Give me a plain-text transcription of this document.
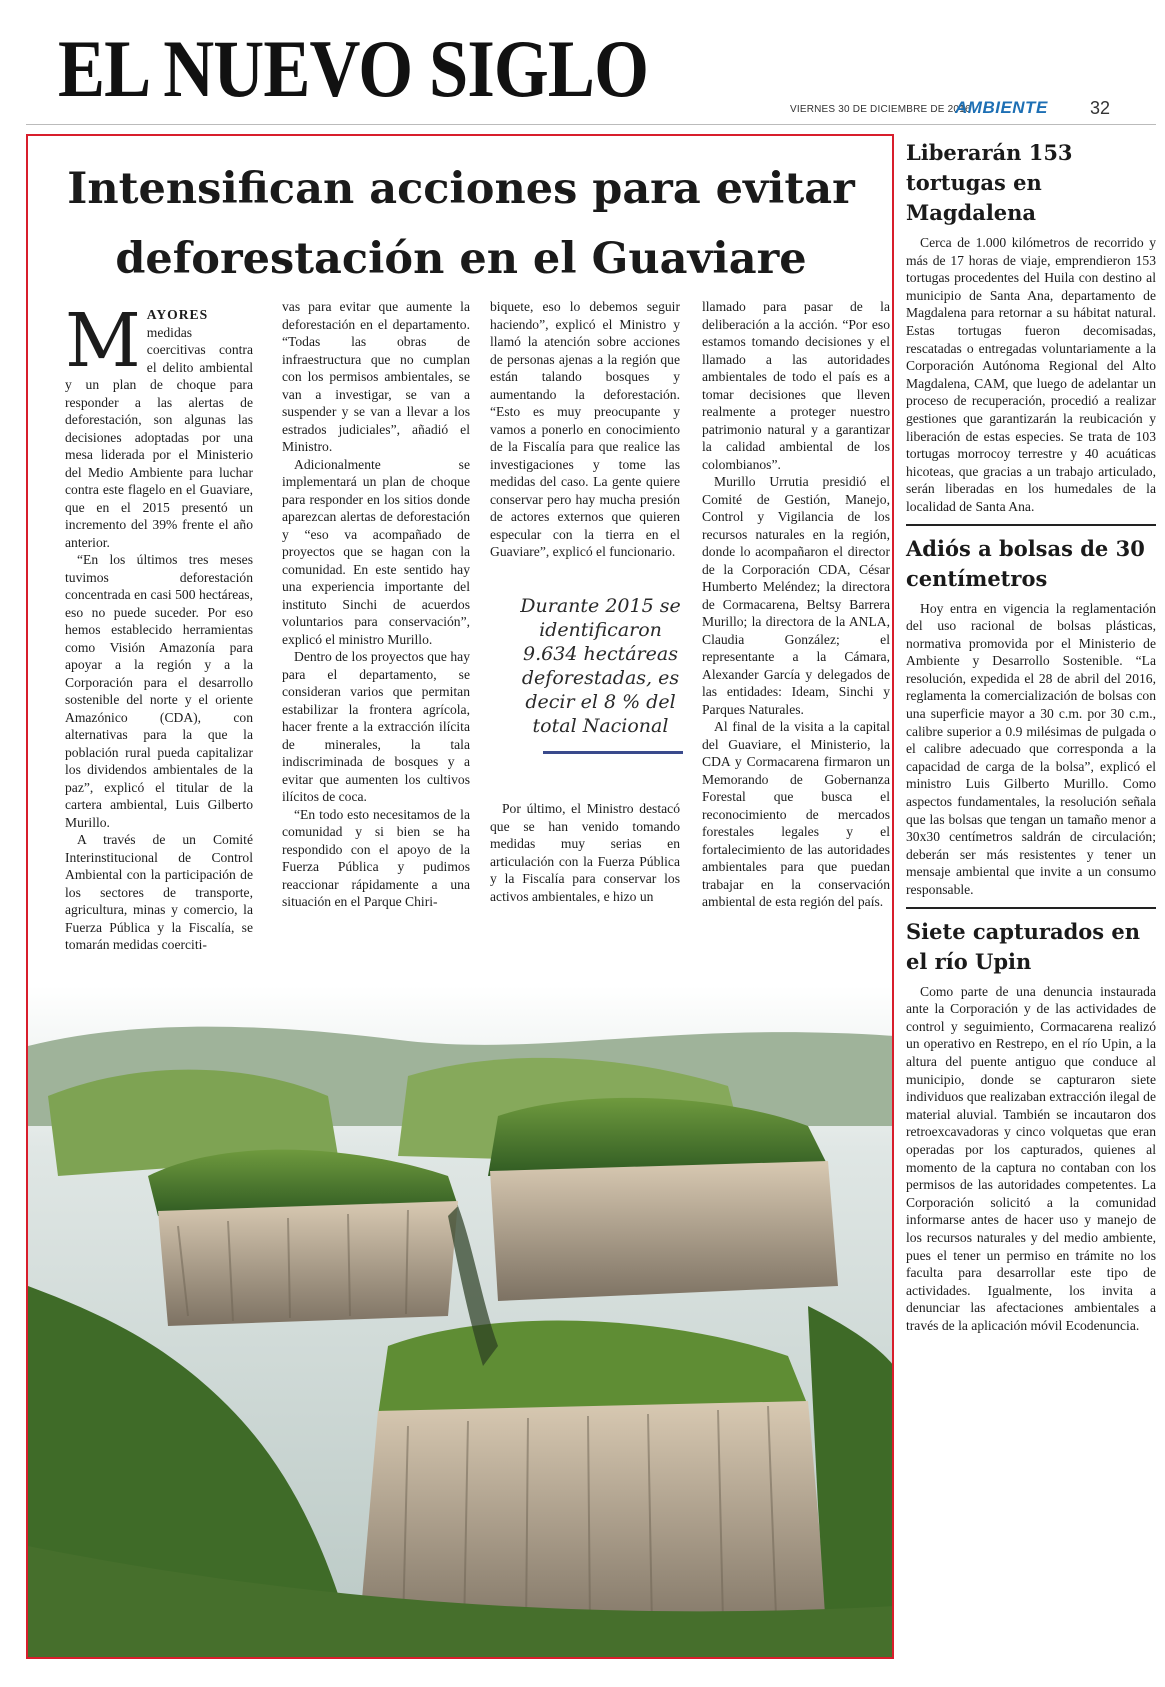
EL NUEVO SIGLO	VIERNES 30 DE DICIEMBRE DE 2016
AMBIENTE 32
Intensifican acciones para evitar deforestación en el Guaviare

MAYORES medidas coercitivas contra el delito ambiental y un plan de choque para responder a las alertas de deforestación, son algunas las decisiones adoptadas por una mesa liderada por el Ministerio del Medio Ambiente para luchar contra este flagelo en el Guaviare, que en el 2015 presentó un incremento del 39% frente el año anterior.

“En los últimos tres meses tuvimos deforestación concentrada en casi 500 hectáreas, eso no puede suceder. Por eso hemos establecido herramientas como Visión Amazonía para apoyar a la región y a la Corporación para el desarrollo sostenible del norte y el oriente Amazónico (CDA), con alternativas para la que la población rural pueda capitalizar los dividendos ambientales de la paz”, explicó el titular de la cartera ambiental, Luis Gilberto Murillo.

A través de un Comité Interinstitucional de Control Ambiental con la participación de los sectores de transporte, agricultura, minas y comercio, la Fuerza Pública y la Fiscalía, se tomarán medidas coerciti-

vas para evitar que aumente la deforestación en el departamento. “Todas las obras de infraestructura que no cumplan con los permisos ambientales, se van a investigar, se van a suspender y se van a llevar a los estrados judiciales”, añadió el Ministro.

Adicionalmente se implementará un plan de choque para responder en los sitios donde aparezcan alertas de deforestación y “eso va acompañado de proyectos que se hagan con la comunidad. En este sentido hay una experiencia importante del instituto Sinchi de acuerdos voluntarios para conservación”, explicó el ministro Murillo.

Dentro de los proyectos que hay para el departamento, se consideran varios que permitan estabilizar la frontera agrícola, hacer frente a la extracción ilícita de minerales, la tala indiscriminada de bosques y a evitar que aumenten los cultivos ilícitos de coca.

“En todo esto necesitamos de la comunidad y si bien se ha respondido con el apoyo de la Fuerza Pública y pudimos reaccionar rápidamente a una situación en el Parque Chiri-

biquete, eso lo debemos seguir haciendo”, explicó el Ministro y llamó la atención sobre acciones de personas ajenas a la región que están talando bosques y aumentando la deforestación. “Esto es muy preocupante y vamos a ponerlo en conocimiento de la Fiscalía para que realice las investigaciones y tome las medidas del caso. La gente quiere conservar pero hay mucha presión de actores externos que quieren especular con la tierra en el Guaviare”, explicó el funcionario.

Durante 2015 se identificaron 9.634 hectáreas deforestadas, es decir el 8 % del total Nacional

Por último, el Ministro destacó que se han venido tomando medidas muy serias en articulación con la Fuerza Pública y la Fiscalía para conservar los activos ambientales, e hizo un

llamado para pasar de la deliberación a la acción. “Por eso estamos tomando decisiones y el llamado a las autoridades ambientales de todo el país es a tomar decisiones que lleven realmente a proteger nuestro patrimonio natural y a garantizar la calidad ambiental de los colombianos”.

Murillo Urrutia presidió el Comité de Gestión, Manejo, Control y Vigilancia de los recursos naturales en la región, donde lo acompañaron el director de la Corporación CDA, César Humberto Meléndez; la directora de Cormacarena, Beltsy Barrera Murillo; la directora de la ANLA, Claudia González; el representante a la Cámara, Alexander García y delegados de las entidades: Ideam, Sinchi y Parques Naturales.

Al final de la visita a la capital del Guaviare, el Ministerio, la CDA y Cormacarena firmaron un Memorando de Gobernanza Forestal que busca el reconocimiento de mercados forestales legales y el fortalecimiento de las autoridades ambientales para que puedan trabajar en la conservación ambiental de esta región del país.

Liberarán 153 tortugas en Magdalena

Cerca de 1.000 kilómetros de recorrido y más de 17 horas de viaje, emprendieron 153 tortugas procedentes del Huila con destino al municipio de Santa Ana, departamento de Magdalena para retornar a su hábitat natural. Estas tortugas fueron decomisadas, rescatadas o entregadas voluntariamente a la Corporación Autónoma Regional del Alto Magdalena, CAM, que luego de adelantar un proceso de recuperación, procedió a realizar gestiones que garantizarán la reubicación y liberación de estas especies. Se trata de 103 tortugas morrocoy terrestre y 40 acuáticas hicoteas, que gracias a un trabajo articulado, serán liberadas en los humedales de la localidad de Santa Ana.

Adiós a bolsas de 30 centímetros

Hoy entra en vigencia la reglamentación del uso racional de bolsas plásticas, normativa promovida por el Ministerio de Ambiente y Desarrollo Sostenible. “La resolución, expedida el 28 de abril del 2016, reglamenta la comercialización de bolsas con una superficie mayor a 30 c.m. por 30 c.m., calibre superior a 0.9 milésimas de pulgada o el calibre adecuado que corresponda a la capacidad de carga de la bolsa”, explicó el ministro Luis Gilberto Murillo. Como aspectos fundamentales, la resolución señala que las bolsas que tengan un tamaño menor a 30x30 centímetros saldrán de circulación; deberán ser más resistentes y tener un mensaje ambiental que invite a un consumo responsable.

Siete capturados en el río Upin

Como parte de una denuncia instaurada ante la Corporación y de las actividades de control y seguimiento, Cormacarena realizó un operativo en Restrepo, en el río Upin, a la altura del puente antiguo que conduce al municipio, donde se capturaron siete individuos que realizaban extracción ilegal de material aluvial. También se incautaron dos retroexcavadoras y cinco volquetas que eran operadas por los capturados, quienes al momento de la captura no contaban con los permisos de las autoridades competentes. La Corporación solicitó a la comunidad informarse antes de hacer uso y manejo de los recursos naturales y del medio ambiente, pues el tener un permiso en trámite no los faculta para desarrollar este tipo de actividades. Igualmente, los invita a denunciar las afectaciones ambientales a través de la aplicación móvil Ecodenuncia.
